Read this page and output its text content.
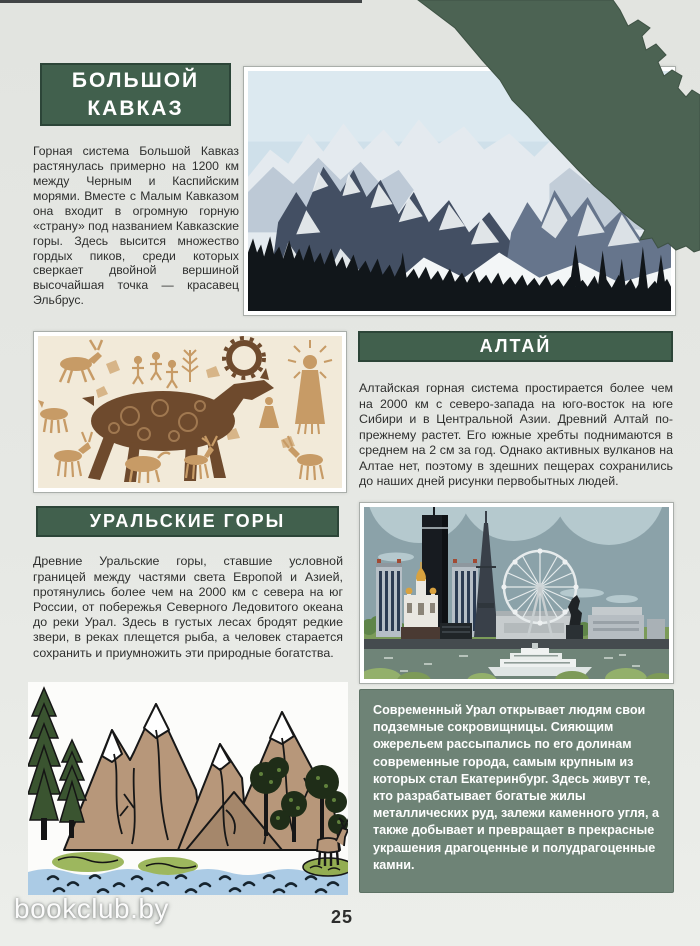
БОЛЬШОЙ
КАВКАЗ

Горная система Большой Кавказ растянулась примерно на 1200 км между Черным и Каспийским морями. Вместе с Малым Кавказом она входит в огромную горную «страну» под названием Кавказские горы. Здесь высится множество гордых пиков, среди которых сверкает двойной вершиной высочайшая точка — красавец Эльбрус.

АЛТАЙ

Алтайская горная система простирается более чем на 2000 км с северо-запада на юго-восток на юге Сибири и в Центральной Азии. Древний Алтай по-прежнему растет. Его южные хребты поднимаются в среднем на 2 см за год. Однако активных вулканов на Алтае нет, поэтому в здешних пещерах сохранились до наших дней рисунки первобытных людей.

УРАЛЬСКИЕ ГОРЫ

Древние Уральские горы, ставшие условной границей между частями света Европой и Азией, протянулись более чем на 2000 км с севера на юг России, от побережья Северного Ледовитого океана до реки Урал. Здесь в густых лесах бродят редкие звери, в реках плещется рыба, а человек старается сохранить и приумножить эти природные богатства.

Современный Урал открывает людям свои подземные сокровищницы. Сияющим ожерельем рассыпались по его долинам современные города, самым крупным из которых стал Екатеринбург. Здесь живут те, кто разрабатывает богатые жилы металлических руд, залежи каменного угля, а также добывает и превращает в прекрасные украшения драгоценные и полудрагоценные камни.
bookclub.by	25
